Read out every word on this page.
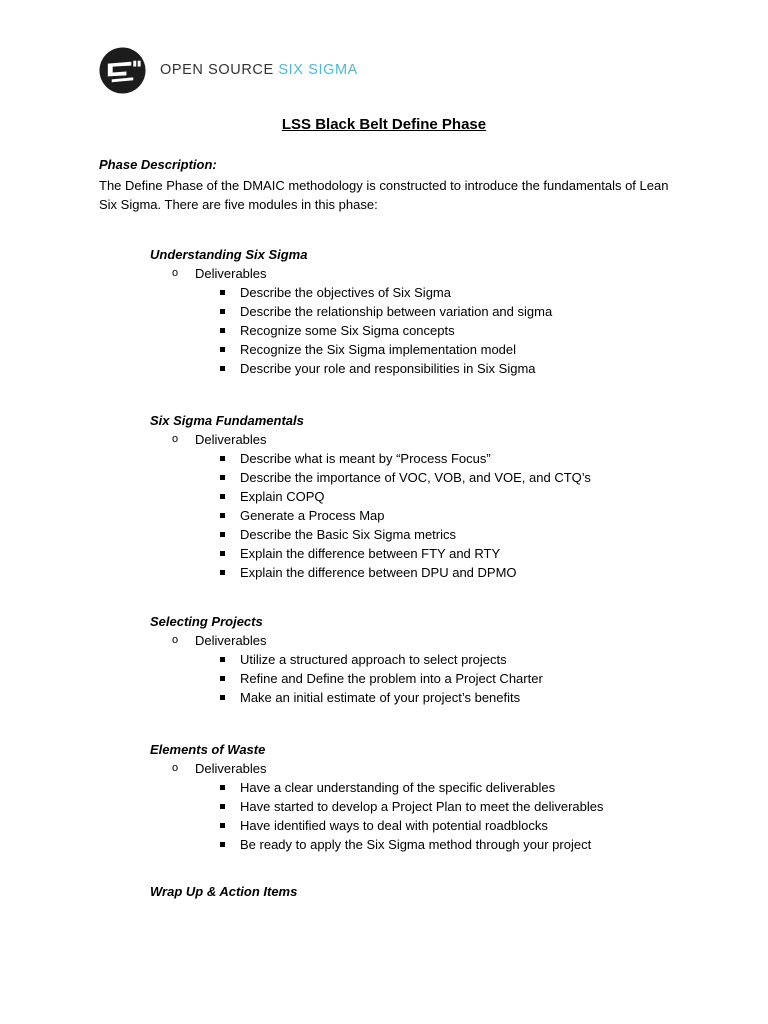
OPEN SOURCE SIX SIGMA
LSS Black Belt Define Phase
Phase Description:
The Define Phase of the DMAIC methodology is constructed to introduce the fundamentals of Lean Six Sigma. There are five modules in this phase:
Understanding Six Sigma
o Deliverables
Describe the objectives of Six Sigma
Describe the relationship between variation and sigma
Recognize some Six Sigma concepts
Recognize the Six Sigma implementation model
Describe your role and responsibilities in Six Sigma
Six Sigma Fundamentals
o Deliverables
Describe what is meant by “Process Focus”
Describe the importance of VOC, VOB, and VOE, and CTQ’s
Explain COPQ
Generate a Process Map
Describe the Basic Six Sigma metrics
Explain the difference between FTY and RTY
Explain the difference between DPU and DPMO
Selecting Projects
o Deliverables
Utilize a structured approach to select projects
Refine and Define the problem into a Project Charter
Make an initial estimate of your project’s benefits
Elements of Waste
o Deliverables
Have a clear understanding of the specific deliverables
Have started to develop a Project Plan to meet the deliverables
Have identified ways to deal with potential roadblocks
Be ready to apply the Six Sigma method through your project
Wrap Up & Action Items
